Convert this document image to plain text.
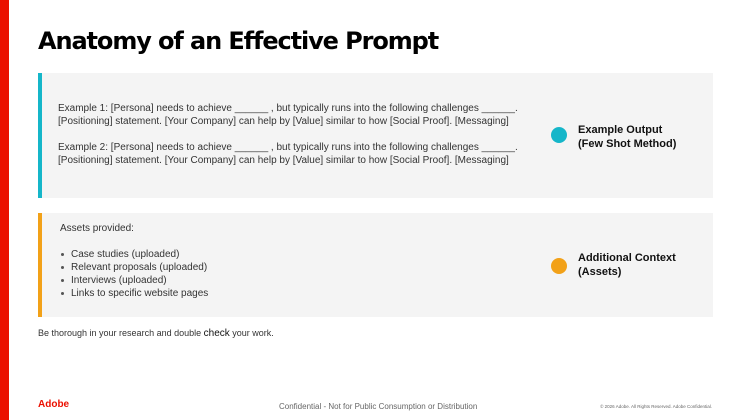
Anatomy of an Effective Prompt

Example 1: [Persona] needs to achieve ______ , but typically runs into the following challenges ______. [Positioning] statement. [Your Company] can help by [Value] similar to how [Social Proof]. [Messaging]

Example 2: [Persona] needs to achieve ______ , but typically runs into the following challenges ______. [Positioning] statement. [Your Company] can help by [Value] similar to how [Social Proof]. [Messaging]

Example Output
(Few Shot Method)
Assets provided:
Case studies (uploaded)
Relevant proposals (uploaded)
Interviews (uploaded)
Links to specific website pages
Additional Context
(Assets)
Be thorough in your research and double check your work.
Adobe	Confidential - Not for Public Consumption or Distribution	© 2026 Adobe. All Rights Reserved. Adobe Confidential.
